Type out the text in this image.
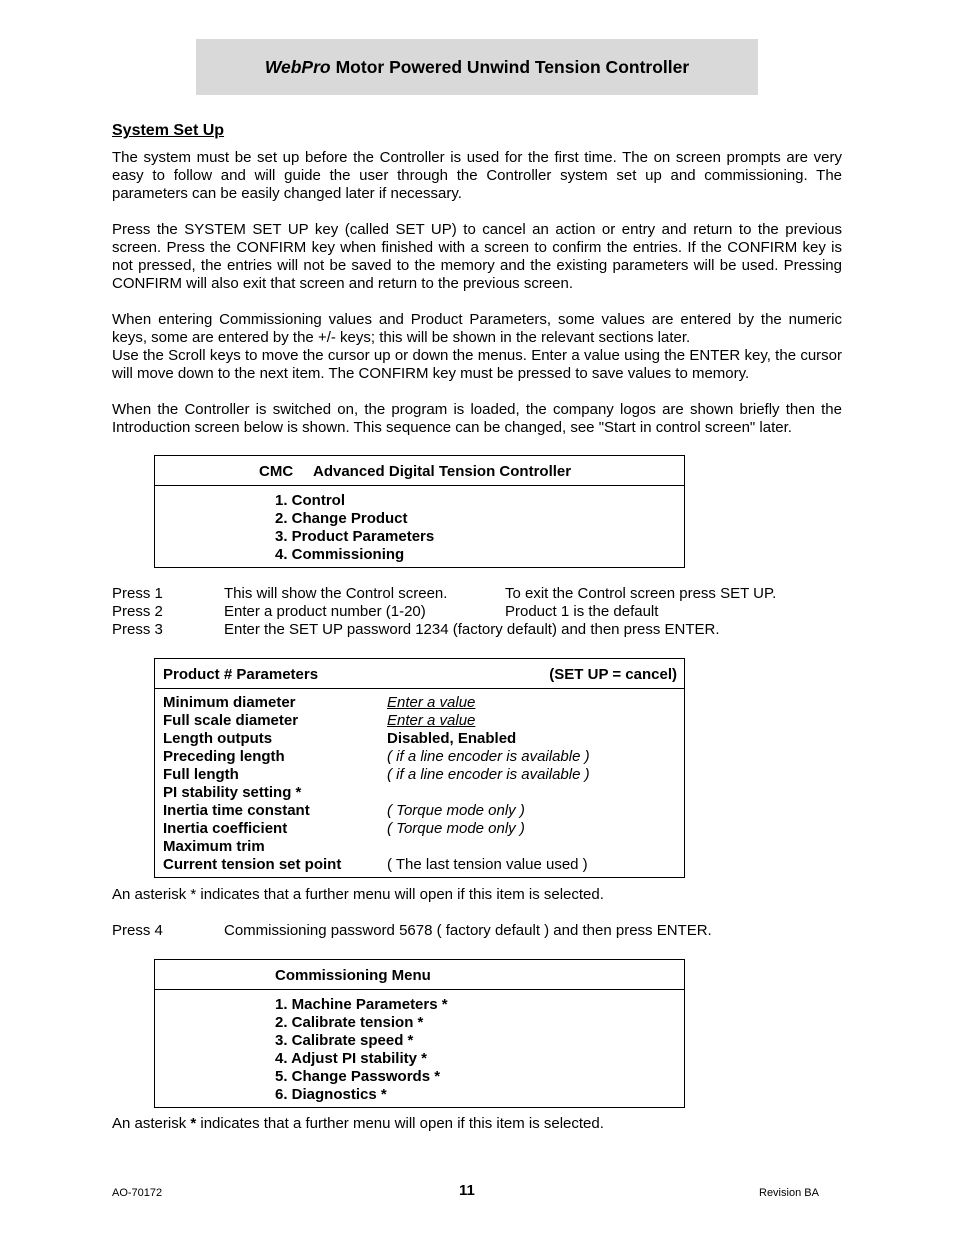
WebPro Motor Powered Unwind Tension Controller
System Set Up
The system must be set up before the Controller is used for the first time. The on screen prompts are very easy to follow and will guide the user through the Controller system set up and commissioning. The parameters can be easily changed later if necessary.
Press the SYSTEM SET UP key (called SET UP) to cancel an action or entry and return to the previous screen. Press the CONFIRM key when finished with a screen to confirm the entries. If the CONFIRM key is not pressed, the entries will not be saved to the memory and the existing parameters will be used. Pressing CONFIRM will also exit that screen and return to the previous screen.
When entering Commissioning values and Product Parameters, some values are entered by the numeric keys, some are entered by the +/- keys; this will be shown in the relevant sections later.
Use the Scroll keys to move the cursor up or down the menus. Enter a value using the ENTER key, the cursor will move down to the next item. The CONFIRM key must be pressed to save values to memory.
When the Controller is switched on, the program is loaded, the company logos are shown briefly then the Introduction screen below is shown. This sequence can be changed, see "Start in control screen" later.
CMC Advanced Digital Tension Controller
1. Control
2. Change Product
3. Product Parameters
4. Commissioning
Press 1	This will show the Control screen.	To exit the Control screen press SET UP.
Press 2	Enter a product number (1-20)	Product 1 is the default
Press 3	Enter the SET UP password 1234 (factory default) and then press ENTER.
Product # Parameters	(SET UP = cancel)
Minimum diameter	Enter a value
Full scale diameter	Enter a value
Length outputs	Disabled, Enabled
Preceding length	( if a line encoder is available )
Full length	( if a line encoder is available )
PI stability setting *
Inertia time constant	( Torque mode only )
Inertia coefficient	( Torque mode only )
Maximum trim
Current tension set point	( The last tension value used )
An asterisk * indicates that a further menu will open if this item is selected.
Press 4	Commissioning password 5678 ( factory default ) and then press ENTER.
Commissioning Menu
1. Machine Parameters *
2. Calibrate tension *
3. Calibrate speed *
4. Adjust PI stability *
5. Change Passwords *
6. Diagnostics *
An asterisk * indicates that a further menu will open if this item is selected.
AO-70172	11	Revision BA
